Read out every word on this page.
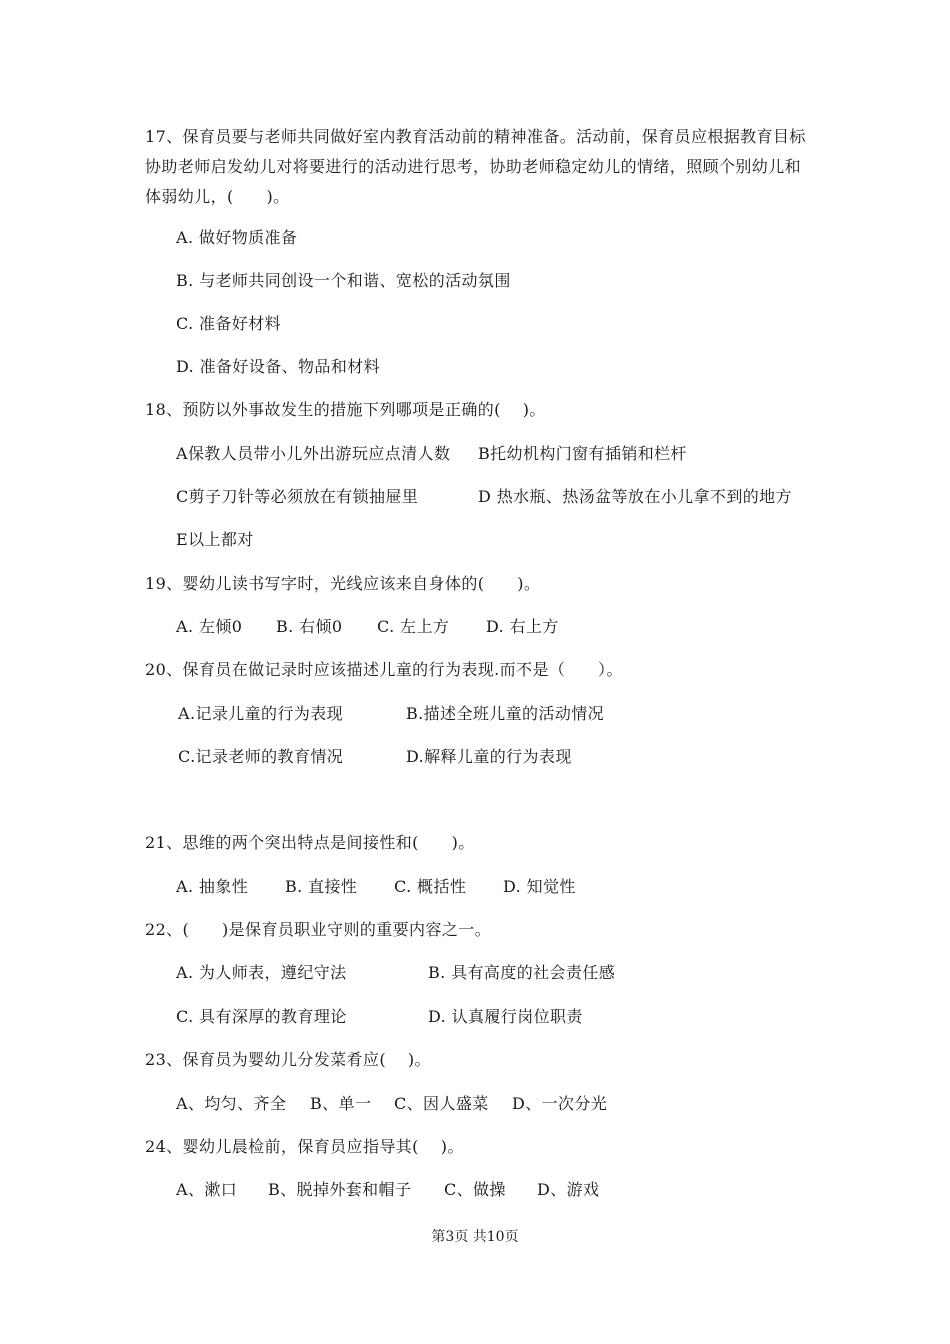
17、保育员要与老师共同做好室内教育活动前的精神准备。活动前，保育员应根据教育目标协助老师启发幼儿对将要进行的活动进行思考，协助老师稳定幼儿的情绪，照顾个别幼儿和体弱幼儿，(　　)。
A. 做好物质准备
B. 与老师共同创设一个和谐、宽松的活动氛围
C. 准备好材料
D. 准备好设备、物品和材料
18、预防以外事故发生的措施下列哪项是正确的(　 )。
A保教人员带小儿外出游玩应点清人数 B托幼机构门窗有插销和栏杆
C剪子刀针等必须放在有锁抽屉里	D 热水瓶、热汤盆等放在小儿拿不到的地方
E以上都对
19、婴幼儿读书写字时，光线应该来自身体的(　　)。
A. 左倾0 B. 右倾0 C. 左上方 D. 右上方
20、保育员在做记录时应该描述儿童的行为表现.而不是（　　）。
A.记录儿童的行为表现	B.描述全班儿童的活动情况
C.记录老师的教育情况	D.解释儿童的行为表现
21、思维的两个突出特点是间接性和(　　)。
A. 抽象性 B. 直接性 C. 概括性 D. 知觉性
22、(　　)是保育员职业守则的重要内容之一。
A. 为人师表，遵纪守法	B. 具有高度的社会责任感
C. 具有深厚的教育理论	D. 认真履行岗位职责
23、保育员为婴幼儿分发菜肴应(　 )。
A、均匀、齐全 B、单一 C、因人盛菜 D、一次分光
24、婴幼儿晨检前，保育员应指导其(　 )。
A、漱口 B、脱掉外套和帽子 C、做操 D、游戏
第3页 共10页
